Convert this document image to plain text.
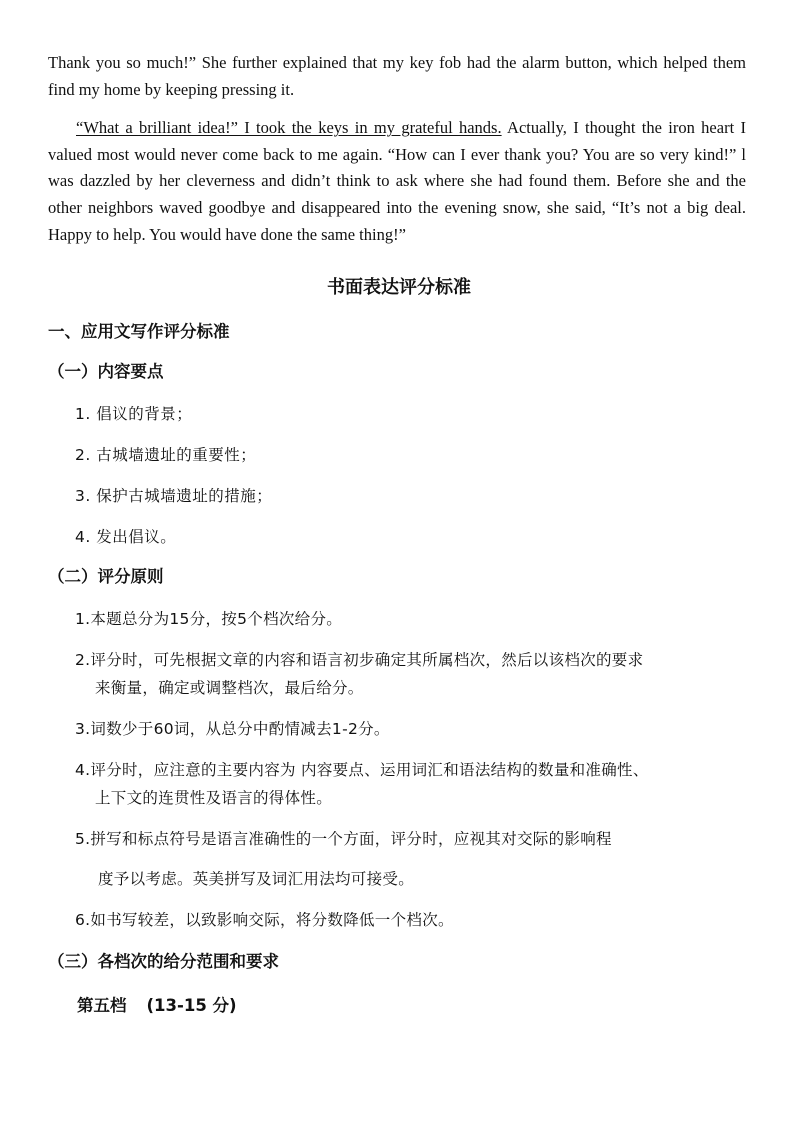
Thank you so much!” She further explained that my key fob had the alarm button, which helped them find my home by keeping pressing it.

“What a brilliant idea!” I took the keys in my grateful hands. Actually, I thought the iron heart I valued most would never come back to me again. “How can I ever thank you? You are so very kind!” l was dazzled by her cleverness and didn’t think to ask where she had found them. Before she and the other neighbors waved goodbye and disappeared into the evening snow, she said, “It’s not a big deal. Happy to help. You would have done the same thing!”

书面表达评分标准
一、应用文写作评分标准
（一）内容要点
1. 倡议的背景；
2. 古城墙遗址的重要性；
3. 保护古城墙遗址的措施；
4. 发出倡议。
（二）评分原则
1.本题总分为15分，按5个档次给分。
2.评分时，可先根据文章的内容和语言初步确定其所属档次，然后以该档次的要求
来衡量，确定或调整档次，最后给分。
3.词数少于60词，从总分中酌情减去1-2分。
4.评分时，应注意的主要内容为 内容要点、运用词汇和语法结构的数量和准确性、
上下文的连贯性及语言的得体性。
5.拼写和标点符号是语言准确性的一个方面，评分时，应视其对交际的影响程
度予以考虑。英美拼写及词汇用法均可接受。
6.如书写较差，以致影响交际，将分数降低一个档次。
（三）各档次的给分范围和要求
第五档 (13-15 分)
